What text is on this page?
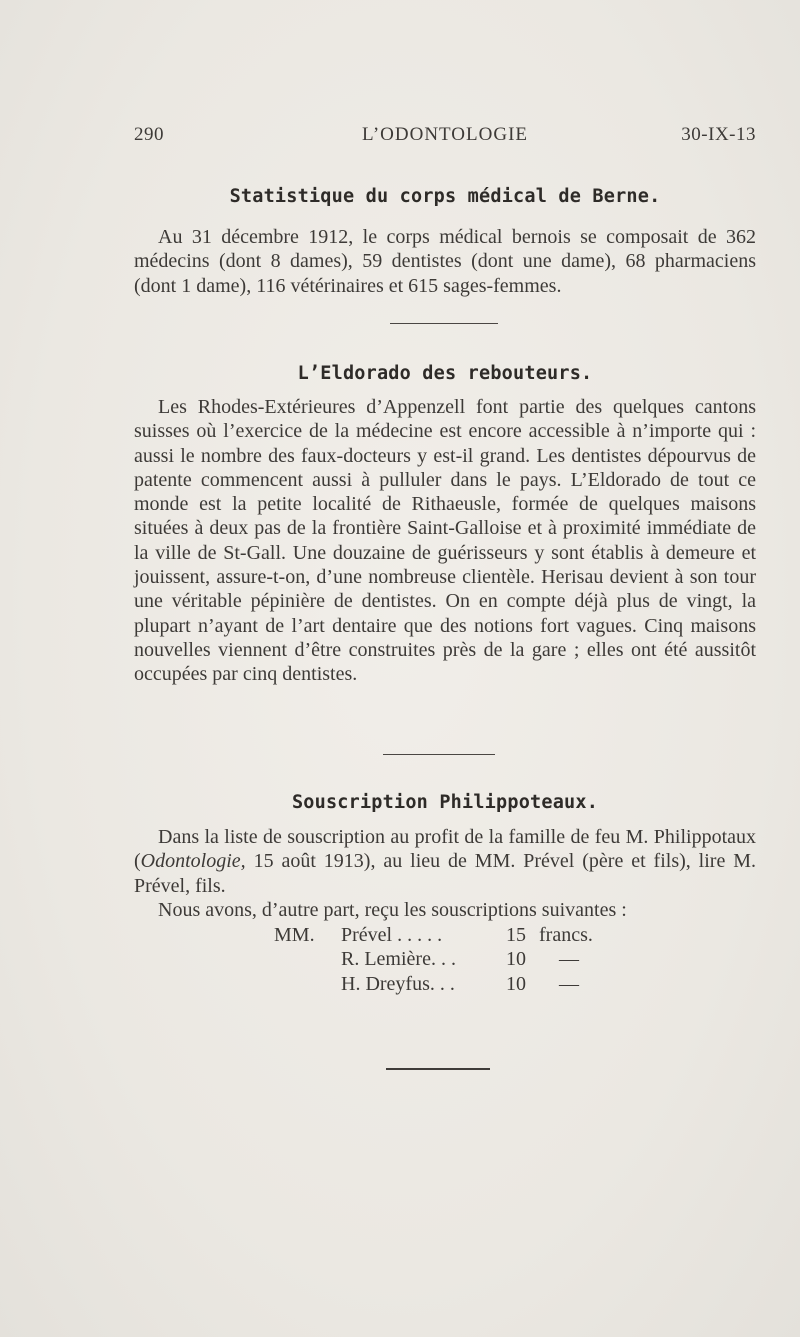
290	L’ODONTOLOGIE	30-IX-13
Statistique du corps médical de Berne.
Au 31 décembre 1912, le corps médical bernois se composait de 362 médecins (dont 8 dames), 59 dentistes (dont une dame), 68 pharmaciens (dont 1 dame), 116 vétérinaires et 615 sages-femmes.
L’Eldorado des rebouteurs.
Les Rhodes-Extérieures d’Appenzell font partie des quelques cantons suisses où l’exercice de la médecine est encore accessible à n’importe qui : aussi le nombre des faux-docteurs y est-il grand. Les dentistes dépourvus de patente commencent aussi à pulluler dans le pays. L’Eldorado de tout ce monde est la petite localité de Rithaeusle, formée de quelques maisons situées à deux pas de la frontière Saint-Galloise et à proximité immédiate de la ville de St-Gall. Une douzaine de guérisseurs y sont établis à demeure et jouissent, assure-t-on, d’une nombreuse clientèle. Herisau devient à son tour une véritable pépinière de dentistes. On en compte déjà plus de vingt, la plupart n’ayant de l’art dentaire que des notions fort vagues. Cinq maisons nouvelles viennent d’être construites près de la gare ; elles ont été aussitôt occupées par cinq dentistes.
Souscription Philippoteaux.
Dans la liste de souscription au profit de la famille de feu M. Philippotaux (Odontologie, 15 août 1913), au lieu de MM. Prével (père et fils), lire M. Prével, fils.
Nous avons, d’autre part, reçu les souscriptions suivantes :
MM. Prével . . . . .	15 francs.
R. Lemière. . .	10 —
H. Dreyfus. . .	10 —
